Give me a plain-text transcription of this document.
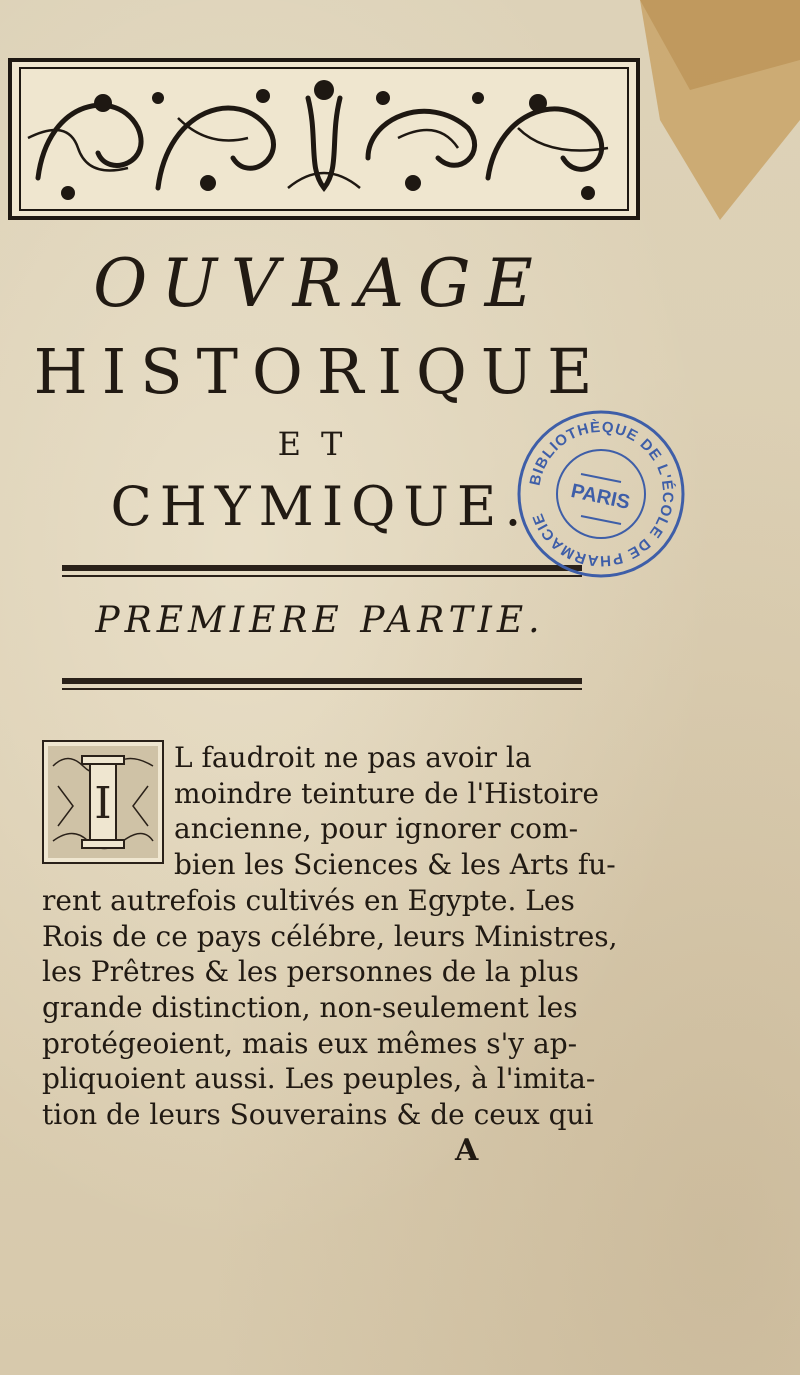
OUVRAGE
HISTORIQUE
ET
CHYMIQUE.
PREMIERE PARTIE.
BIBLIOTHÈQUE DE L'ÉCOLE DE PHARMACIE
PARIS
I
L faudroit ne pas avoir la
moindre teinture de l'Histoire
ancienne, pour ignorer com-
bien les Sciences & les Arts fu-
rent autrefois cultivés en Egypte. Les
Rois de ce pays célébre, leurs Ministres,
les Prêtres & les personnes de la plus
grande distinction, non-seulement les
protégeoient, mais eux mêmes s'y ap-
pliquoient aussi. Les peuples, à l'imita-
tion de leurs Souverains & de ceux qui
A
